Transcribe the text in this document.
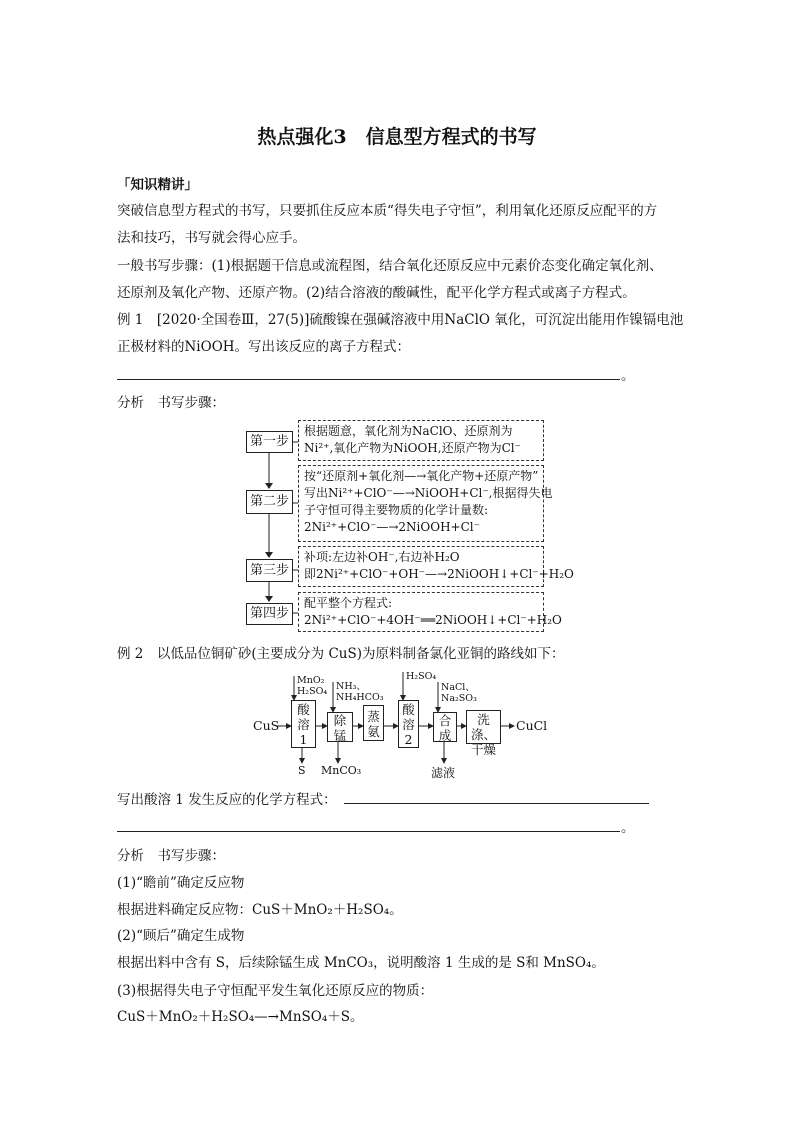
热点强化3　信息型方程式的书写
「知识精讲」
突破信息型方程式的书写，只要抓住反应本质“得失电子守恒”，利用氧化还原反应配平的方
法和技巧，书写就会得心应手。
一般书写步骤：(1)根据题干信息或流程图，结合氧化还原反应中元素价态变化确定氧化剂、
还原剂及氧化产物、还原产物。(2)结合溶液的酸碱性，配平化学方程式或离子方程式。
例 1　[2020·全国卷Ⅲ，27(5)]硫酸镍在强碱溶液中用NaClO 氧化，可沉淀出能用作镍镉电池
正极材料的NiOOH。写出该反应的离子方程式：
。
分析　书写步骤：
第一步
第二步
第三步
第四步
根据题意，氧化剂为NaClO、还原剂为
Ni²⁺,氧化产物为NiOOH,还原产物为Cl⁻
按“还原剂+氧化剂—→氧化产物+还原产物”
写出Ni²⁺+ClO⁻—→NiOOH+Cl⁻,根据得失电
子守恒可得主要物质的化学计量数:
2Ni²⁺+ClO⁻—→2NiOOH+Cl⁻
补项:左边补OH⁻,右边补H₂O
即2Ni²⁺+ClO⁻+OH⁻—→2NiOOH↓+Cl⁻+H₂O
配平整个方程式:
2Ni²⁺+ClO⁻+4OH⁻══2NiOOH↓+Cl⁻+H₂O
例 2　以低品位铜矿砂(主要成分为 CuS)为原料制备氯化亚铜的路线如下：
CuS	CuCl
酸
溶
1
除
锰
蒸
氨
酸
溶
2
合
成
洗涤、
干燥
MnO₂
H₂SO₄ NH₃、
NH₄HCO₃
H₂SO₄
NaCl、
Na₂SO₃
S MnCO₃	滤液
写出酸溶 1 发生反应的化学方程式：
。
分析　书写步骤：
(1)“瞻前”确定反应物
根据进料确定反应物：CuS＋MnO₂＋H₂SO₄。
(2)“顾后”确定生成物
根据出料中含有 S，后续除锰生成 MnCO₃，说明酸溶 1 生成的是 S和 MnSO₄。
(3)根据得失电子守恒配平发生氧化还原反应的物质：
CuS＋MnO₂＋H₂SO₄—→MnSO₄＋S。
